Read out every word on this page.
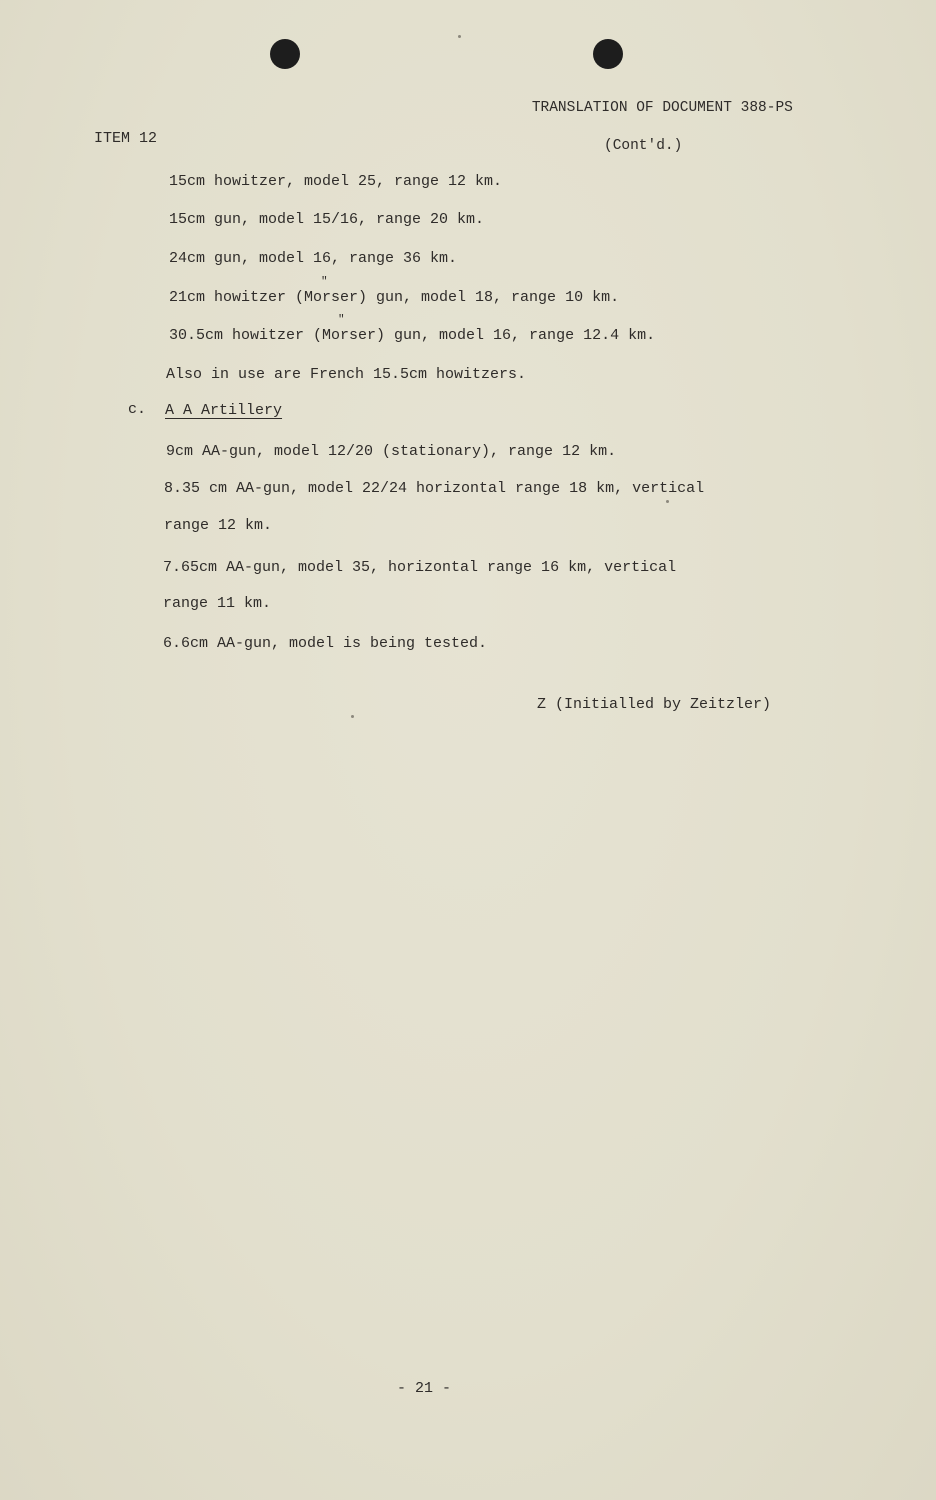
TRANSLATION OF DOCUMENT 388-PS

(Cont'd.)

ITEM 12
15cm howitzer, model 25, range 12 km.
15cm gun, model 15/16, range 20 km.
24cm gun, model 16, range 36 km.
"
21cm howitzer (Morser) gun, model 18, range 10 km.
"
30.5cm howitzer (Morser) gun, model 16, range 12.4 km.
Also in use are French 15.5cm howitzers.
c. A A Artillery
9cm AA-gun, model 12/20 (stationary), range 12 km.
8.35 cm AA-gun, model 22/24 horizontal range 18 km, vertical
range 12 km.
7.65cm AA-gun, model 35, horizontal range 16 km, vertical
range 11 km.
6.6cm AA-gun, model is being tested.
Z (Initialled by Zeitzler)
- 21 -
